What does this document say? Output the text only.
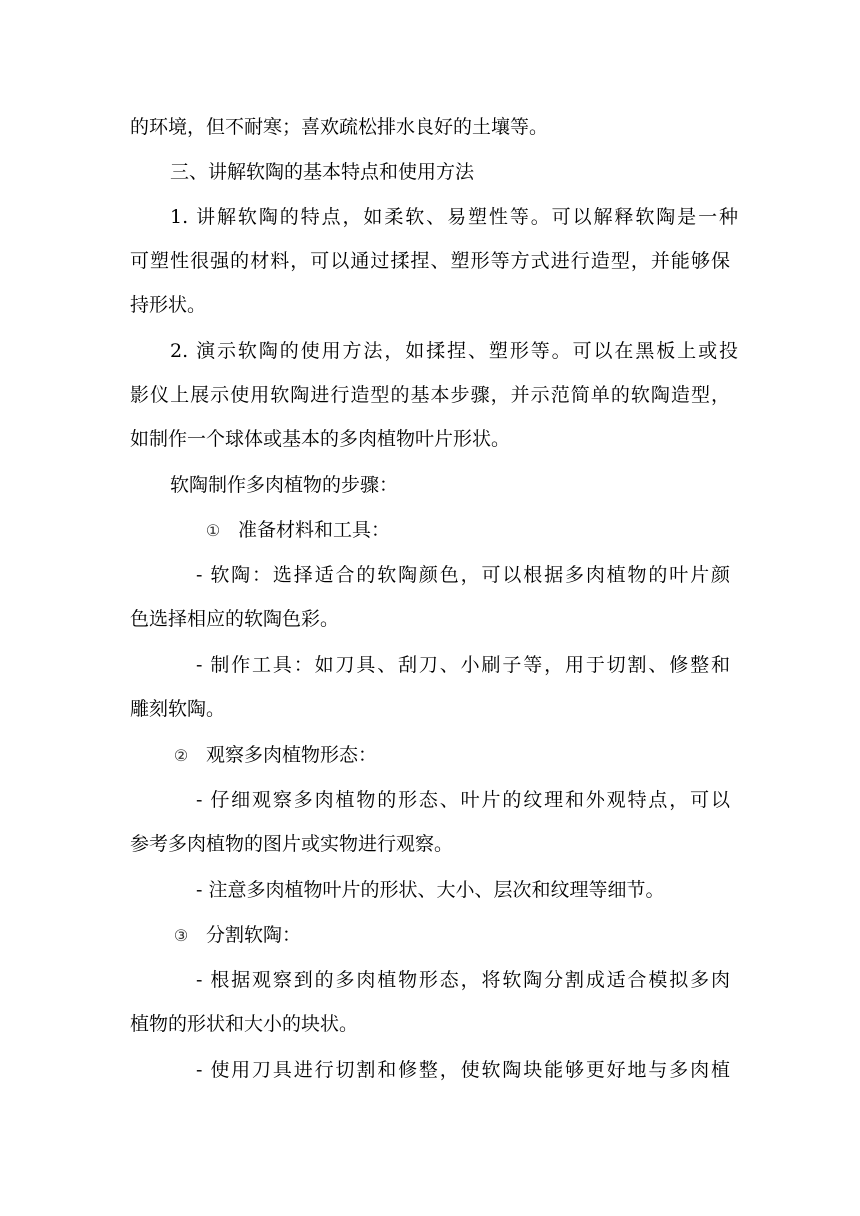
的环境，但不耐寒；喜欢疏松排水良好的土壤等。
三、讲解软陶的基本特点和使用方法
1. 讲解软陶的特点，如柔软、易塑性等。可以解释软陶是一种
可塑性很强的材料，可以通过揉捏、塑形等方式进行造型，并能够保
持形状。
2. 演示软陶的使用方法，如揉捏、塑形等。可以在黑板上或投
影仪上展示使用软陶进行造型的基本步骤，并示范简单的软陶造型，
如制作一个球体或基本的多肉植物叶片形状。
软陶制作多肉植物的步骤：
① 准备材料和工具：
- 软陶：选择适合的软陶颜色，可以根据多肉植物的叶片颜
色选择相应的软陶色彩。
- 制作工具：如刀具、刮刀、小刷子等，用于切割、修整和
雕刻软陶。
② 观察多肉植物形态：
- 仔细观察多肉植物的形态、叶片的纹理和外观特点，可以
参考多肉植物的图片或实物进行观察。
- 注意多肉植物叶片的形状、大小、层次和纹理等细节。
③ 分割软陶：
- 根据观察到的多肉植物形态，将软陶分割成适合模拟多肉
植物的形状和大小的块状。
- 使用刀具进行切割和修整，使软陶块能够更好地与多肉植
